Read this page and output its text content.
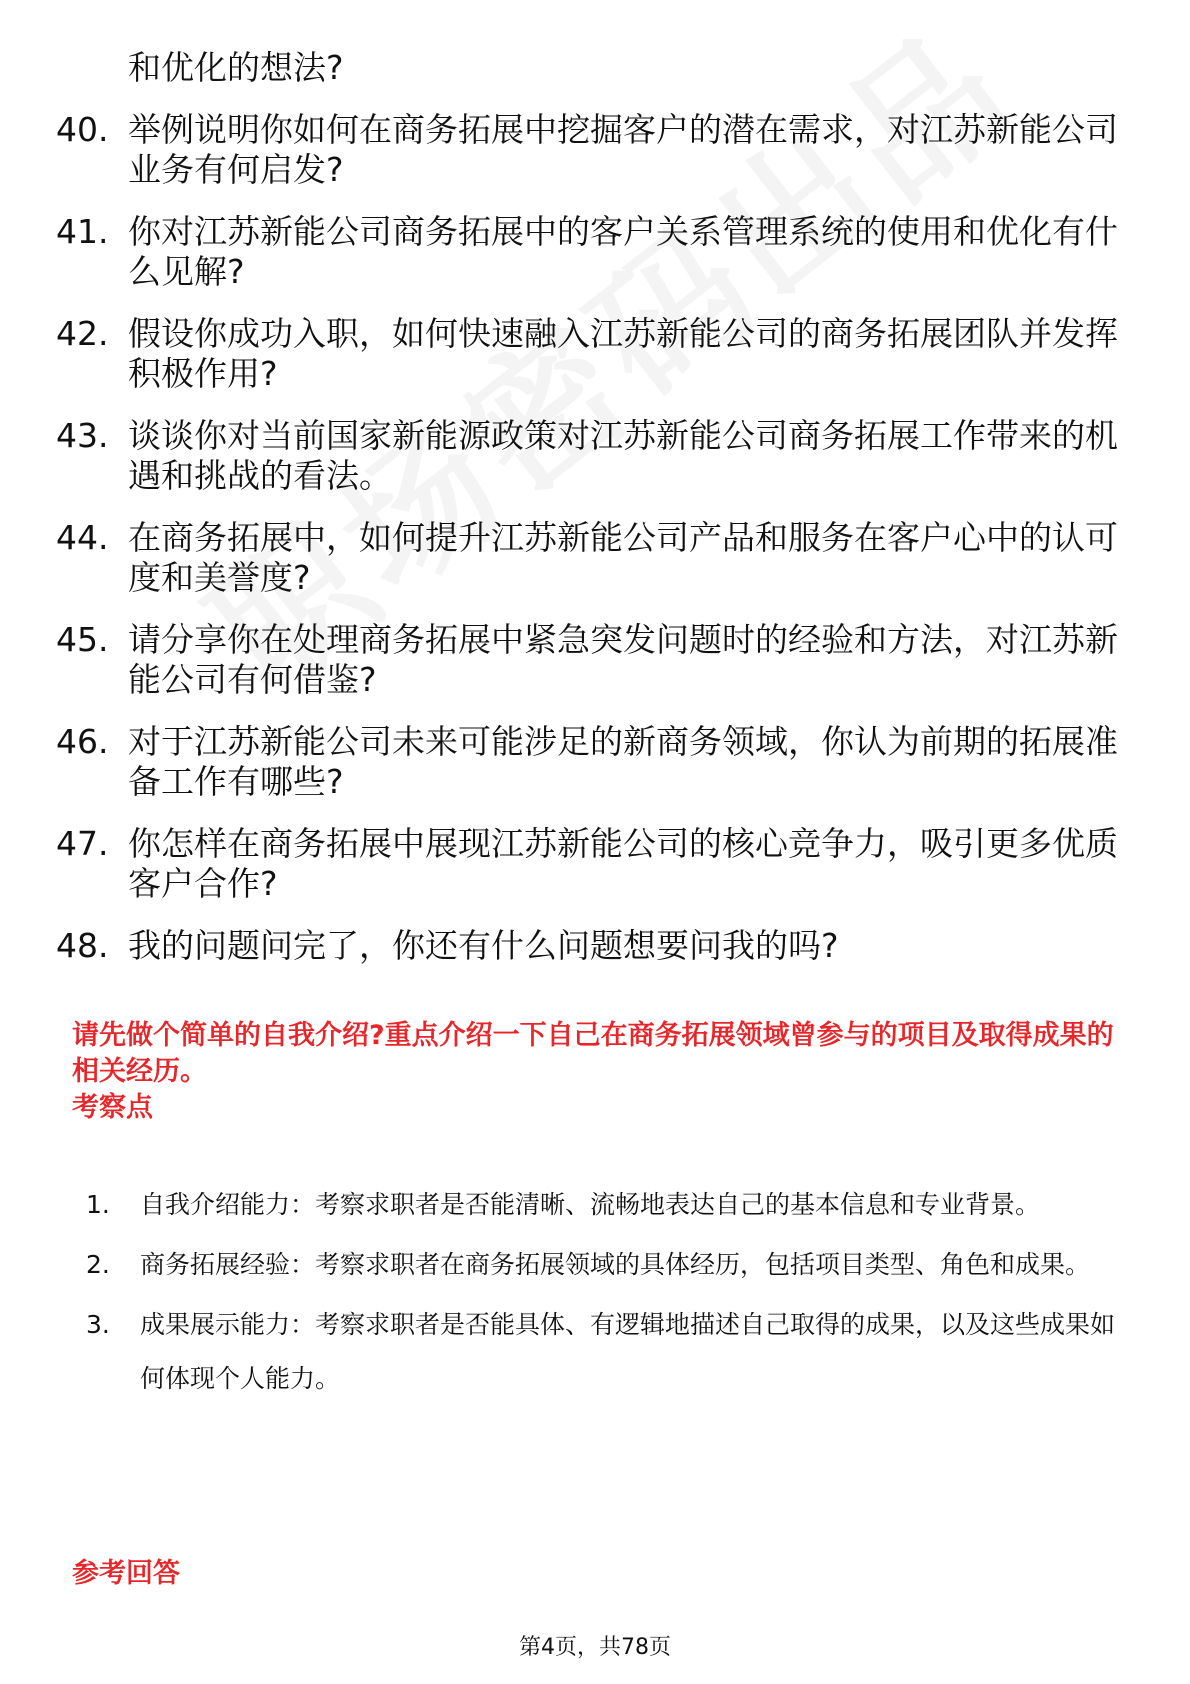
和优化的想法?
40. 举例说明你如何在商务拓展中挖掘客户的潜在需求，对江苏新能公司业务有何启发?
41. 你对江苏新能公司商务拓展中的客户关系管理系统的使用和优化有什么见解?
42. 假设你成功入职，如何快速融入江苏新能公司的商务拓展团队并发挥积极作用?
43. 谈谈你对当前国家新能源政策对江苏新能公司商务拓展工作带来的机遇和挑战的看法。
44. 在商务拓展中，如何提升江苏新能公司产品和服务在客户心中的认可度和美誉度?
45. 请分享你在处理商务拓展中紧急突发问题时的经验和方法，对江苏新能公司有何借鉴?
46. 对于江苏新能公司未来可能涉足的新商务领域，你认为前期的拓展准备工作有哪些?
47. 你怎样在商务拓展中展现江苏新能公司的核心竞争力，吸引更多优质客户合作?
48. 我的问题问完了，你还有什么问题想要问我的吗?
请先做个简单的自我介绍?重点介绍一下自己在商务拓展领域曾参与的项目及取得成果的相关经历。
考察点
1.	自我介绍能力：考察求职者是否能清晰、流畅地表达自己的基本信息和专业背景。
2.	商务拓展经验：考察求职者在商务拓展领域的具体经历，包括项目类型、角色和成果。
3.	成果展示能力：考察求职者是否能具体、有逻辑地描述自己取得的成果，以及这些成果如何体现个人能力。
参考回答
第4页，共78页
